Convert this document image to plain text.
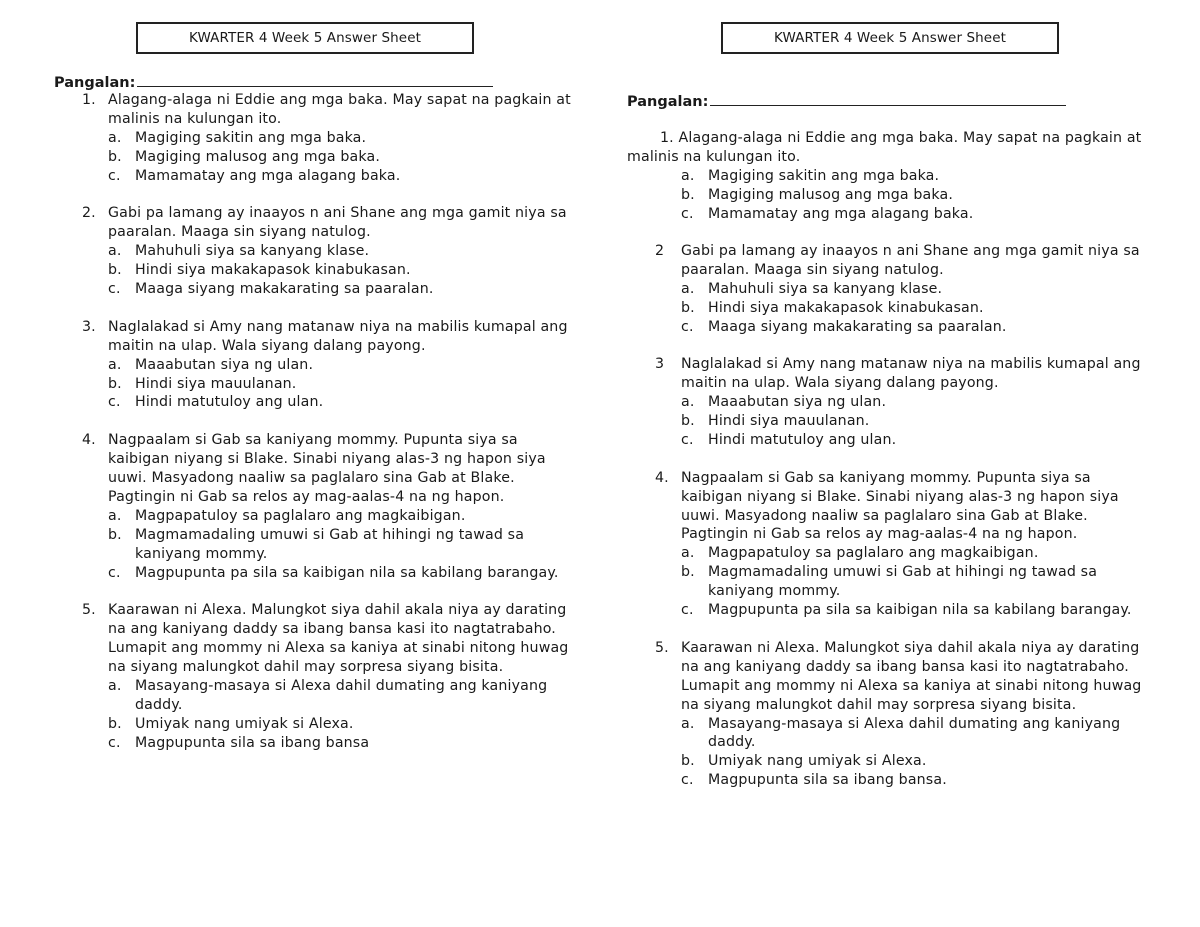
KWARTER 4 Week 5 Answer Sheet
Pangalan:
1. Alagang-alaga ni Eddie ang mga baka. May sapat na pagkain at malinis na kulungan ito.
a. Magiging sakitin ang mga baka.
b. Magiging malusog ang mga baka.
c. Mamamatay ang mga alagang baka.
2. Gabi pa lamang ay inaayos n ani Shane ang mga gamit niya sa paaralan. Maaga sin siyang natulog.
a. Mahuhuli siya sa kanyang klase.
b. Hindi siya makakapasok kinabukasan.
c. Maaga siyang makakarating sa paaralan.
3. Naglalakad si Amy nang matanaw niya na mabilis kumapal ang maitin na ulap. Wala siyang dalang payong.
a. Maaabutan siya ng ulan.
b. Hindi siya mauulanan.
c. Hindi matutuloy ang ulan.
4. Nagpaalam si Gab sa kaniyang mommy. Pupunta siya sa kaibigan niyang si Blake. Sinabi niyang alas-3 ng hapon siya uuwi. Masyadong naaliw sa paglalaro sina Gab at Blake. Pagtingin ni Gab sa relos ay mag-aalas-4 na ng hapon.
a. Magpapatuloy sa paglalaro ang magkaibigan.
b. Magmamadaling umuwi si Gab at hihingi ng tawad sa kaniyang mommy.
c. Magpupunta pa sila sa kaibigan nila sa kabilang barangay.
5. Kaarawan ni Alexa. Malungkot siya dahil akala niya ay darating na ang kaniyang daddy sa ibang bansa kasi ito nagtatrabaho. Lumapit ang mommy ni Alexa sa kaniya at sinabi nitong huwag na siyang malungkot dahil may sorpresa siyang bisita.
a. Masayang-masaya si Alexa dahil dumating ang kaniyang daddy.
b. Umiyak nang umiyak si Alexa.
c. Magpupunta sila sa ibang bansa
KWARTER 4 Week 5 Answer Sheet
Pangalan:
1. Alagang-alaga ni Eddie ang mga baka. May sapat na pagkain at malinis na kulungan ito.
a. Magiging sakitin ang mga baka.
b. Magiging malusog ang mga baka.
c. Mamamatay ang mga alagang baka.
2 Gabi pa lamang ay inaayos n ani Shane ang mga gamit niya sa paaralan. Maaga sin siyang natulog.
a. Mahuhuli siya sa kanyang klase.
b. Hindi siya makakapasok kinabukasan.
c. Maaga siyang makakarating sa paaralan.
3 Naglalakad si Amy nang matanaw niya na mabilis kumapal ang maitin na ulap. Wala siyang dalang payong.
a. Maaabutan siya ng ulan.
b. Hindi siya mauulanan.
c. Hindi matutuloy ang ulan.
4. Nagpaalam si Gab sa kaniyang mommy. Pupunta siya sa kaibigan niyang si Blake. Sinabi niyang alas-3 ng hapon siya uuwi. Masyadong naaliw sa paglalaro sina Gab at Blake. Pagtingin ni Gab sa relos ay mag-aalas-4 na ng hapon.
a. Magpapatuloy sa paglalaro ang magkaibigan.
b. Magmamadaling umuwi si Gab at hihingi ng tawad sa kaniyang mommy.
c. Magpupunta pa sila sa kaibigan nila sa kabilang barangay.
5. Kaarawan ni Alexa. Malungkot siya dahil akala niya ay darating na ang kaniyang daddy sa ibang bansa kasi ito nagtatrabaho. Lumapit ang mommy ni Alexa sa kaniya at sinabi nitong huwag na siyang malungkot dahil may sorpresa siyang bisita.
a. Masayang-masaya si Alexa dahil dumating ang kaniyang daddy.
b. Umiyak nang umiyak si Alexa.
c. Magpupunta sila sa ibang bansa.
